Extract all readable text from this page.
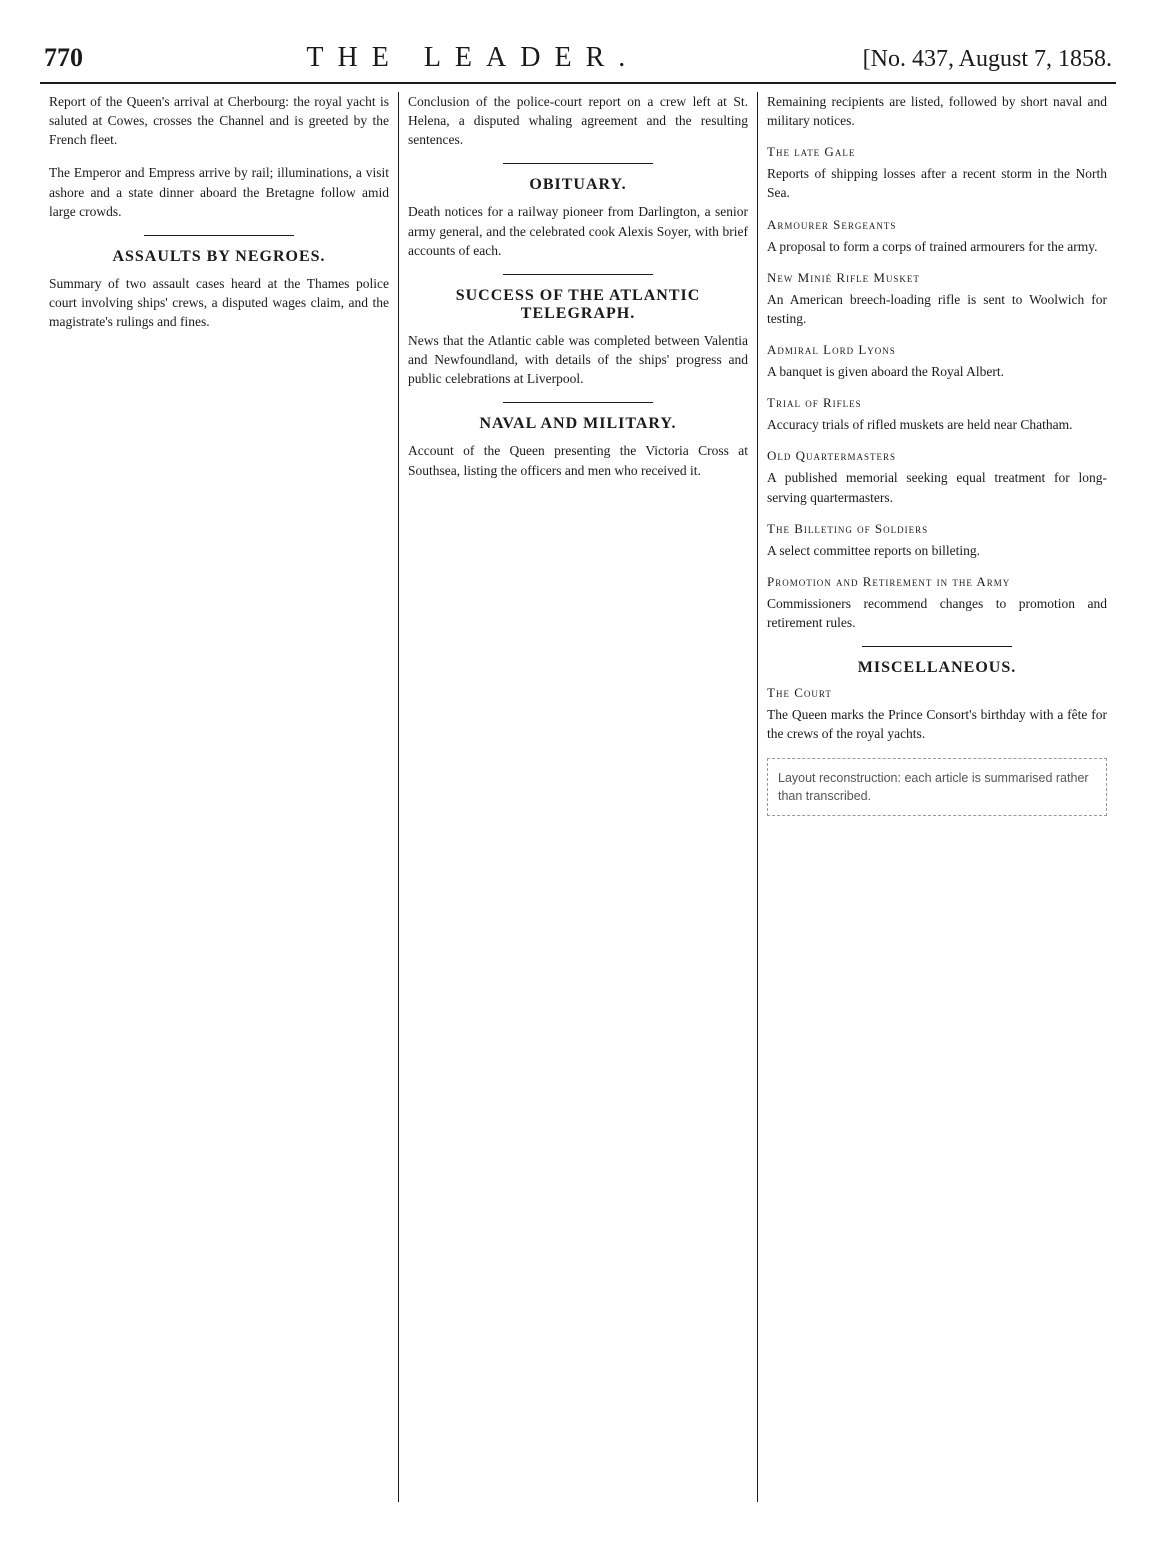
770	THE LEADER.	[No. 437, August 7, 1858.

Report of the Queen's arrival at Cherbourg: the royal yacht is saluted at Cowes, crosses the Channel and is greeted by the French fleet.

The Emperor and Empress arrive by rail; illuminations, a visit ashore and a state dinner aboard the Bretagne follow amid large crowds.

ASSAULTS BY NEGROES.

Summary of two assault cases heard at the Thames police court involving ships' crews, a disputed wages claim, and the magistrate's rulings and fines.

Conclusion of the police-court report on a crew left at St. Helena, a disputed whaling agreement and the resulting sentences.

OBITUARY.

Death notices for a railway pioneer from Darlington, a senior army general, and the celebrated cook Alexis Soyer, with brief accounts of each.

SUCCESS OF THE ATLANTIC TELEGRAPH.

News that the Atlantic cable was completed between Valentia and Newfoundland, with details of the ships' progress and public celebrations at Liverpool.

NAVAL AND MILITARY.

Account of the Queen presenting the Victoria Cross at Southsea, listing the officers and men who received it.

Remaining recipients are listed, followed by short naval and military notices.

The late Gale

Reports of shipping losses after a recent storm in the North Sea.

Armourer Sergeants

A proposal to form a corps of trained armourers for the army.

New Minié Rifle Musket

An American breech-loading rifle is sent to Woolwich for testing.

Admiral Lord Lyons

A banquet is given aboard the Royal Albert.

Trial of Rifles

Accuracy trials of rifled muskets are held near Chatham.

Old Quartermasters

A published memorial seeking equal treatment for long-serving quartermasters.

The Billeting of Soldiers

A select committee reports on billeting.

Promotion and Retirement in the Army

Commissioners recommend changes to promotion and retirement rules.

MISCELLANEOUS.
The Court

The Queen marks the Prince Consort's birthday with a fête for the crews of the royal yachts.

Layout reconstruction: each article is summarised rather than transcribed.
